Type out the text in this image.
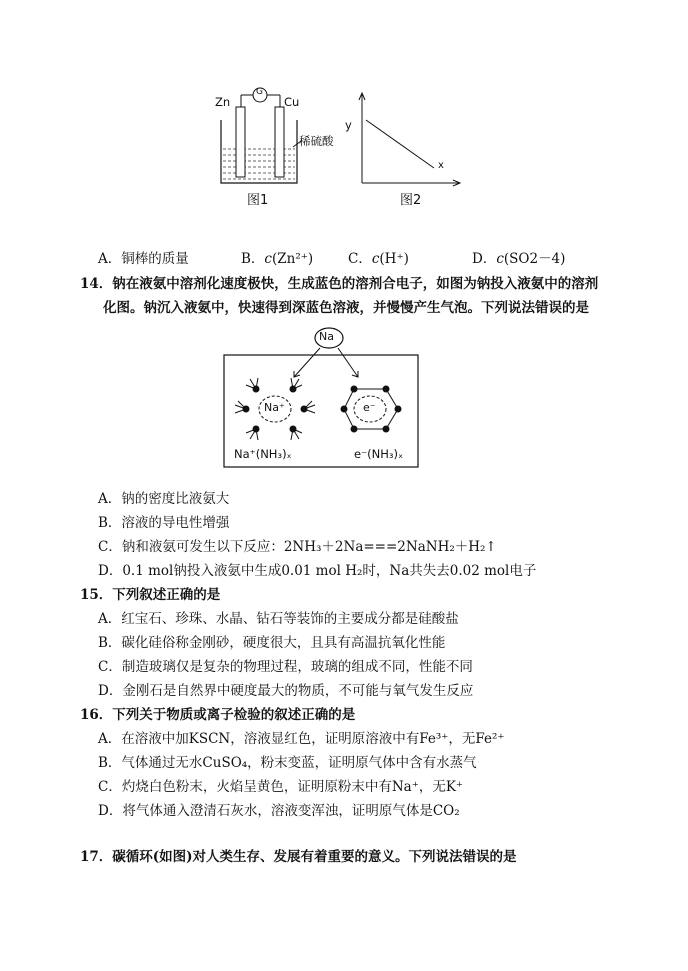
Zn	Cu
G
稀硫酸
图1
y
x
图2
A．铜棒的质量	B．c(Zn²⁺)	C．c(H⁺)	D．c(SO2－4)
14．钠在液氨中溶剂化速度极快，生成蓝色的溶剂合电子，如图为钠投入液氨中的溶剂
化图。钠沉入液氨中，快速得到深蓝色溶液，并慢慢产生气泡。下列说法错误的是
Na
Na⁺	e⁻
Na⁺(NH₃)ₓ	e⁻(NH₃)ₓ
A．钠的密度比液氨大
B．溶液的导电性增强
C．钠和液氨可发生以下反应：2NH₃＋2Na===2NaNH₂＋H₂↑
D．0.1 mol钠投入液氨中生成0.01 mol H₂时，Na共失去0.02 mol电子
15．下列叙述正确的是
A．红宝石、珍珠、水晶、钻石等装饰的主要成分都是硅酸盐
B．碳化硅俗称金刚砂，硬度很大，且具有高温抗氧化性能
C．制造玻璃仅是复杂的物理过程，玻璃的组成不同，性能不同
D．金刚石是自然界中硬度最大的物质，不可能与氧气发生反应
16．下列关于物质或离子检验的叙述正确的是
A．在溶液中加KSCN，溶液显红色，证明原溶液中有Fe³⁺，无Fe²⁺
B．气体通过无水CuSO₄，粉末变蓝，证明原气体中含有水蒸气
C．灼烧白色粉末，火焰呈黄色，证明原粉末中有Na⁺，无K⁺
D．将气体通入澄清石灰水，溶液变浑浊，证明原气体是CO₂
17．碳循环(如图)对人类生存、发展有着重要的意义。下列说法错误的是
